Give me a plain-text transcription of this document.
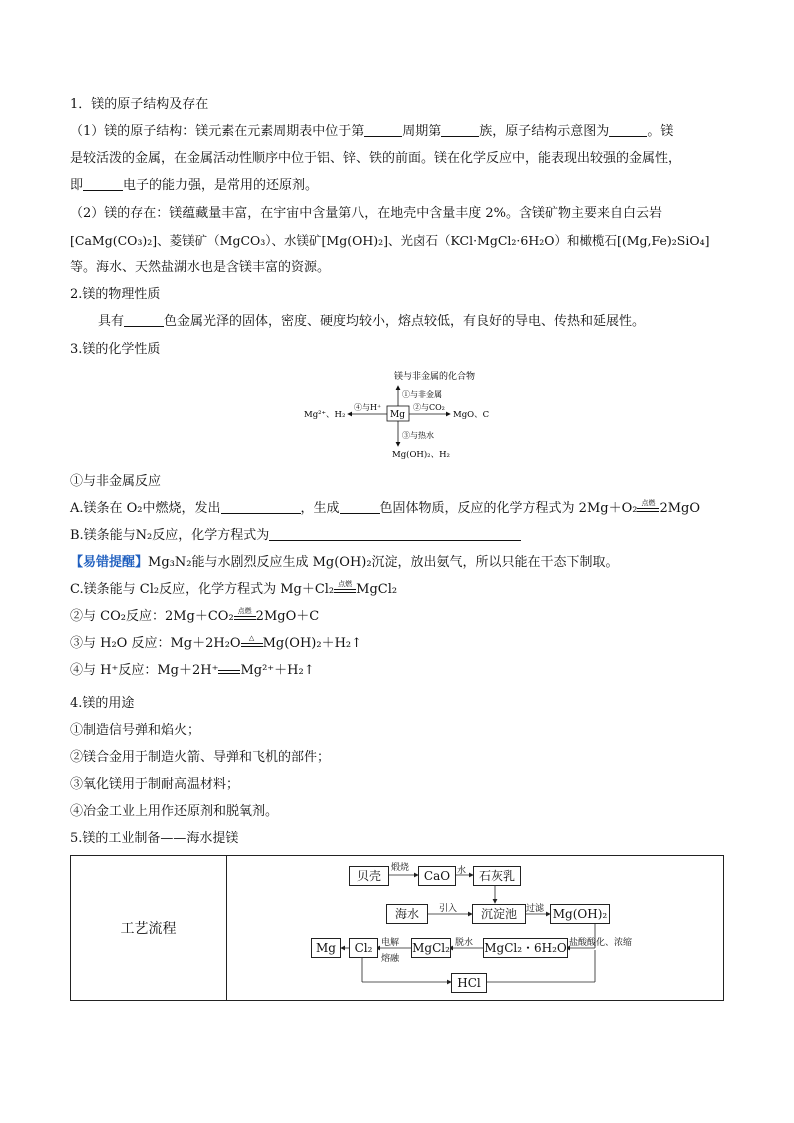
1．镁的原子结构及存在
（1）镁的原子结构：镁元素在元素周期表中位于第	周期第	族，原子结构示意图为	。镁
是较活泼的金属，在金属活动性顺序中位于铝、锌、铁的前面。镁在化学反应中，能表现出较强的金属性，
即	电子的能力强，是常用的还原剂。
（2）镁的存在：镁蕴藏量丰富，在宇宙中含量第八，在地壳中含量丰度 2%。含镁矿物主要来自白云岩
[CaMg(CO₃)₂]、菱镁矿（MgCO₃）、水镁矿[Mg(OH)₂]、光卤石（KCl·MgCl₂·6H₂O）和橄榄石[(Mg,Fe)₂SiO₄]
等。海水、天然盐湖水也是含镁丰富的资源。
2.镁的物理性质
具有	色金属光泽的固体，密度、硬度均较小，熔点较低，有良好的导电、传热和延展性。
3.镁的化学性质
镁与非金属的化合物
①与非金属
Mg
④与H⁺
Mg²⁺、H₂
②与CO₂
MgO、C
③与热水
Mg(OH)₂、H₂
①与非金属反应
A.镁条在 O₂中燃烧，发出	，生成	色固体物质，反应的化学方程式为 2Mg＋O₂ 点燃 2MgO
B.镁条能与N₂反应，化学方程式为
【易错提醒】Mg₃N₂能与水剧烈反应生成 Mg(OH)₂沉淀，放出氨气，所以只能在干态下制取。
C.镁条能与 Cl₂反应，化学方程式为 Mg＋Cl₂ 点燃 MgCl₂
②与 CO₂反应：2Mg＋CO₂ 点燃 2MgO＋C
③与 H₂O 反应：Mg＋2H₂O	△ Mg(OH)₂＋H₂↑
④与 H⁺反应：Mg＋2H⁺ Mg²⁺＋H₂↑
4.镁的用途
①制造信号弹和焰火；
②镁合金用于制造火箭、导弹和飞机的部件；
③氧化镁用于制耐高温材料；
④冶金工业上用作还原剂和脱氧剂。
5.镁的工业制备——海水提镁
工艺流程	
贝壳	CaO	石灰乳
海水	沉淀池	Mg(OH)₂
Mg	Cl₂	MgCl₂	MgCl₂・6H₂O
HCl
煅烧	水
引入	过滤
盐酸酸化、浓缩
脱水
电解
熔融
